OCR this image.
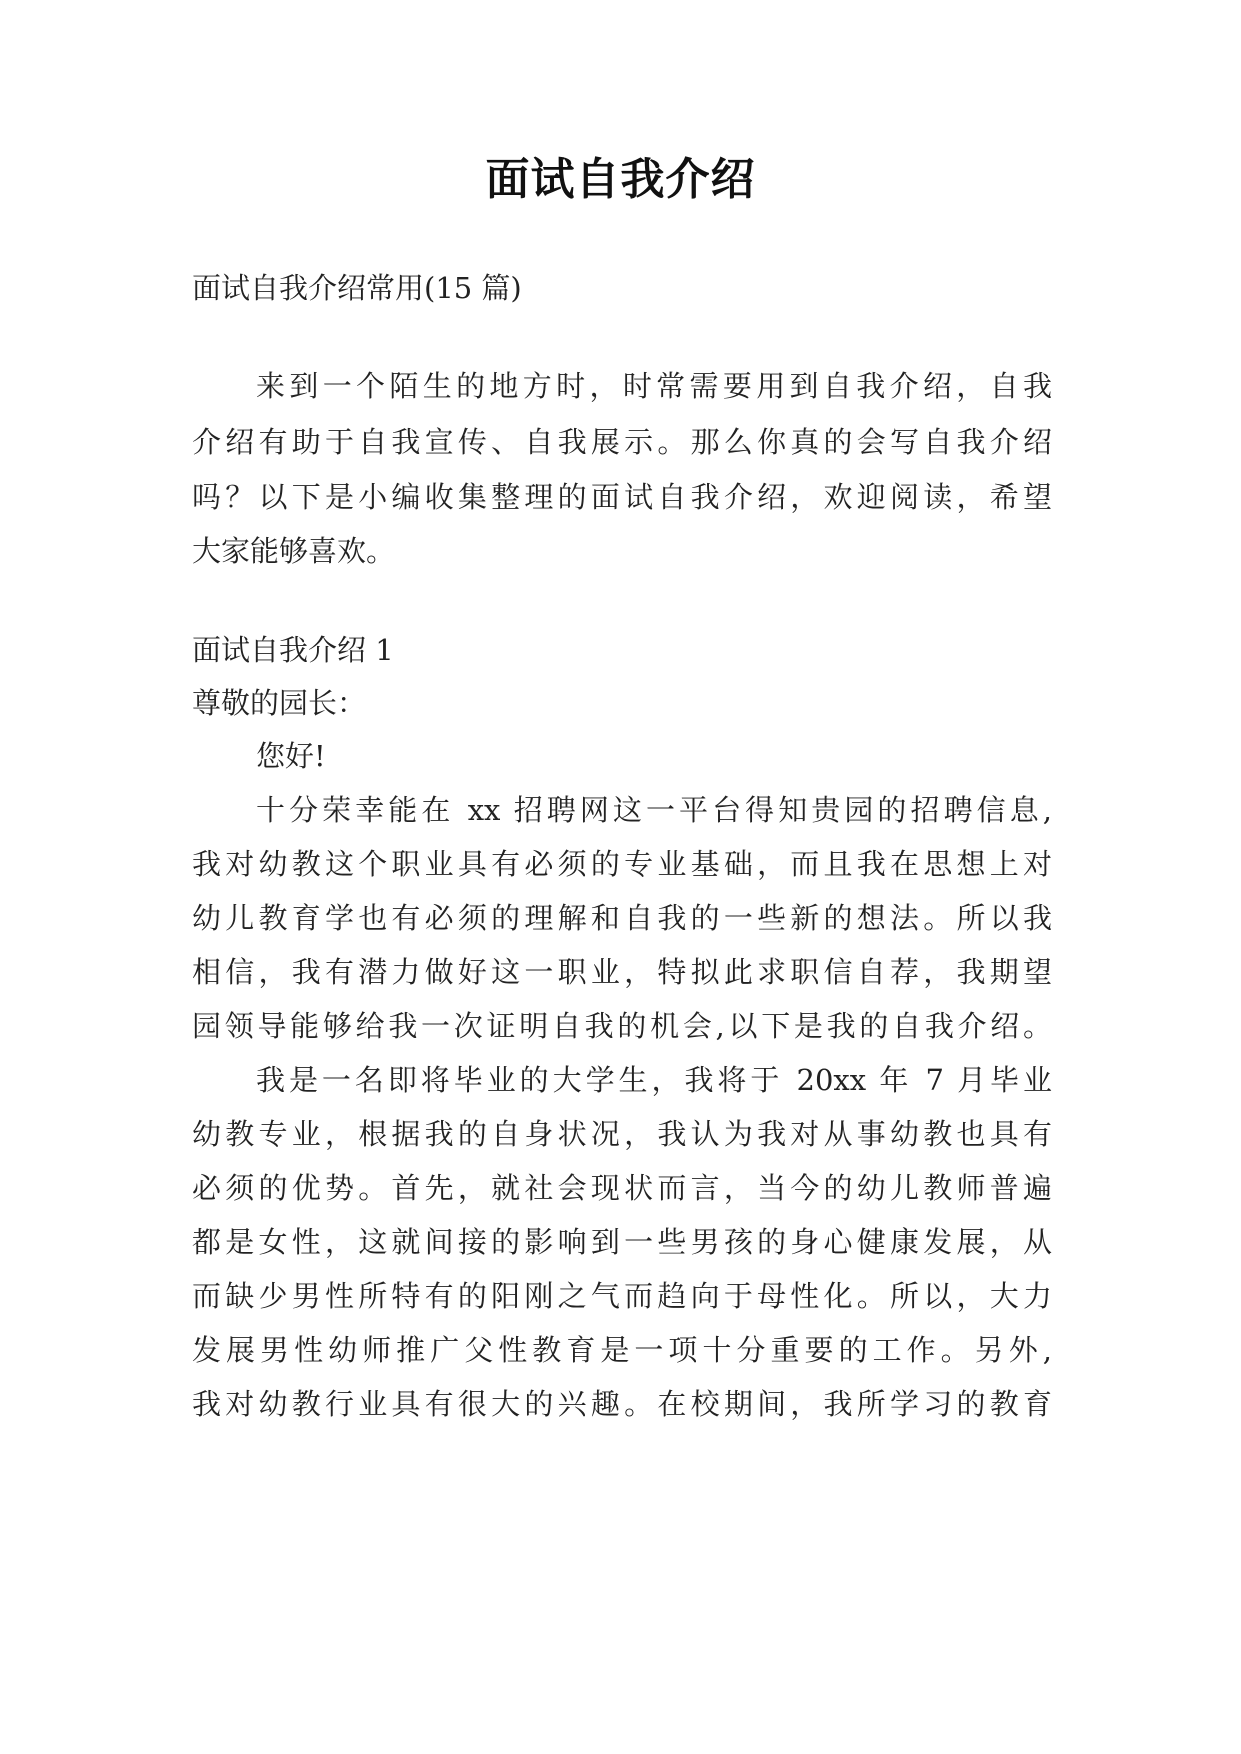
面试自我介绍
面试自我介绍常用(15 篇)
来到一个陌生的地方时，时常需要用到自我介绍，自我
介绍有助于自我宣传、自我展示。那么你真的会写自我介绍
吗？以下是小编收集整理的面试自我介绍，欢迎阅读，希望
大家能够喜欢。
面试自我介绍 1
尊敬的园长：
您好!
十分荣幸能在 xx 招聘网这一平台得知贵园的招聘信息,
我对幼教这个职业具有必须的专业基础，而且我在思想上对
幼儿教育学也有必须的理解和自我的一些新的想法。所以我
相信，我有潜力做好这一职业，特拟此求职信自荐，我期望
园领导能够给我一次证明自我的机会,以下是我的自我介绍。
我是一名即将毕业的大学生，我将于 20xx 年 7 月毕业
幼教专业，根据我的自身状况，我认为我对从事幼教也具有
必须的优势。首先，就社会现状而言，当今的幼儿教师普遍
都是女性，这就间接的影响到一些男孩的身心健康发展，从
而缺少男性所特有的阳刚之气而趋向于母性化。所以，大力
发展男性幼师推广父性教育是一项十分重要的工作。另外,
我对幼教行业具有很大的兴趣。在校期间，我所学习的教育
